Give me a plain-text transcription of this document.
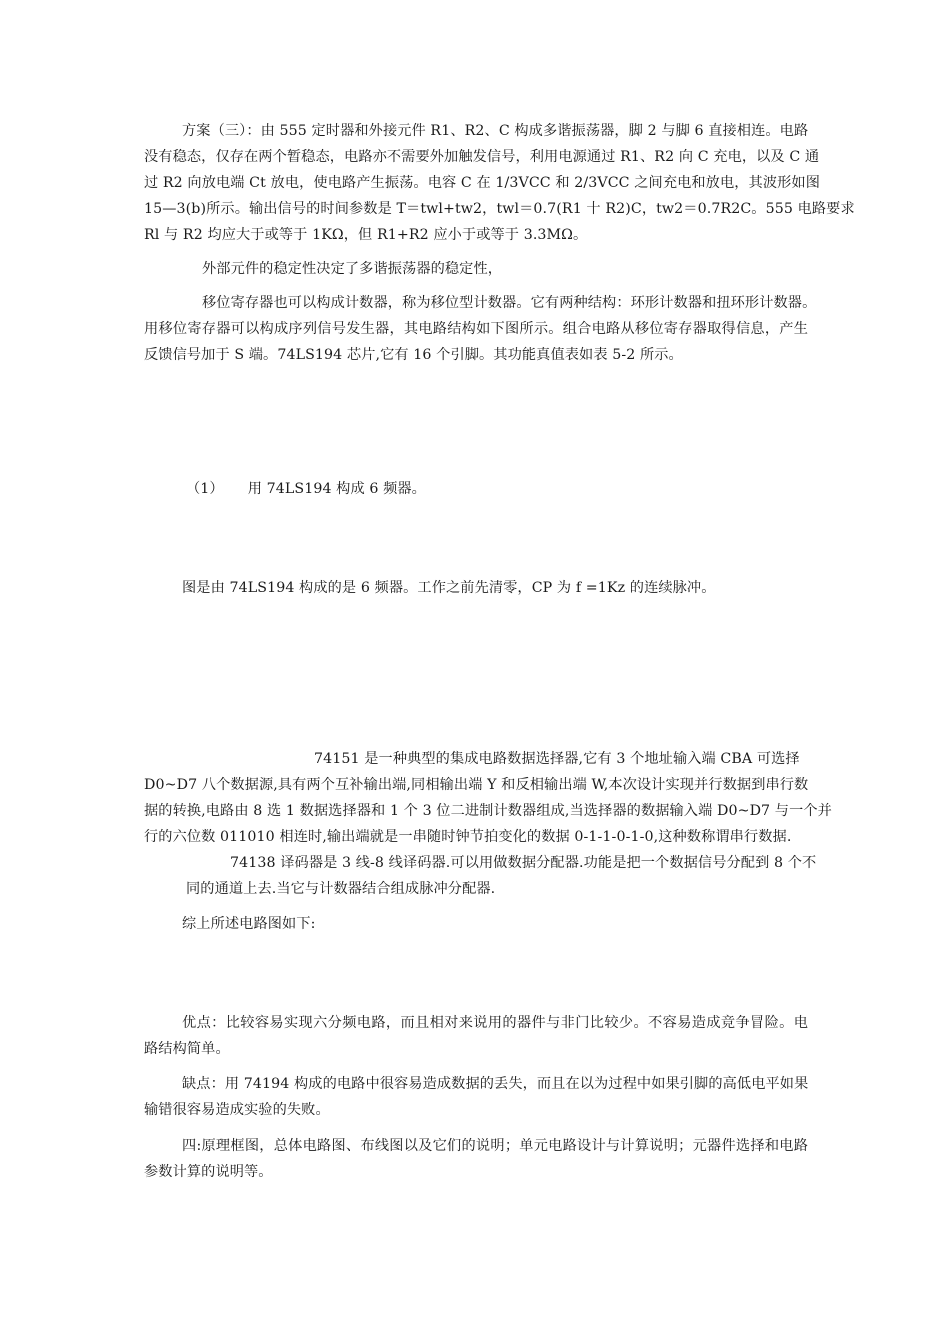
方案（三）：由 555 定时器和外接元件 R1、R2、C 构成多谐振荡器，脚 2 与脚 6 直接相连。电路
没有稳态，仅存在两个暂稳态，电路亦不需要外加触发信号，利用电源通过 R1、R2 向 C 充电，以及 C 通
过 R2 向放电端 Ct 放电，使电路产生振荡。电容 C 在 1/3VCC 和 2/3VCC 之间充电和放电，其波形如图
15—3(b)所示。输出信号的时间参数是 T＝twl+tw2，twl＝0.7(R1 十 R2)C，tw2＝0.7R2C。555 电路要求
Rl 与 R2 均应大于或等于 1KΩ，但 R1+R2 应小于或等于 3.3MΩ。
外部元件的稳定性决定了多谐振荡器的稳定性，
移位寄存器也可以构成计数器，称为移位型计数器。它有两种结构：环形计数器和扭环形计数器。
用移位寄存器可以构成序列信号发生器，其电路结构如下图所示。组合电路从移位寄存器取得信息，产生
反馈信号加于 S 端。74LS194 芯片,它有 16 个引脚。其功能真值表如表 5-2 所示。
（1） 用 74LS194 构成 6 频器。
图是由 74LS194 构成的是 6 频器。工作之前先清零，CP 为 f =1Kz 的连续脉冲。
74151 是一种典型的集成电路数据选择器,它有 3 个地址输入端 CBA 可选择
D0~D7 八个数据源,具有两个互补输出端,同相输出端 Y 和反相输出端 W,本次设计实现并行数据到串行数
据的转换,电路由 8 选 1 数据选择器和 1 个 3 位二进制计数器组成,当选择器的数据输入端 D0~D7 与一个并
行的六位数 011010 相连时,输出端就是一串随时钟节拍变化的数据 0-1-1-0-1-0,这种数称谓串行数据.
74138 译码器是 3 线-8 线译码器.可以用做数据分配器.功能是把一个数据信号分配到 8 个不
同的通道上去.当它与计数器结合组成脉冲分配器.
综上所述电路图如下:
优点：比较容易实现六分频电路，而且相对来说用的器件与非门比较少。不容易造成竞争冒险。电
路结构简单。
缺点：用 74194 构成的电路中很容易造成数据的丢失，而且在以为过程中如果引脚的高低电平如果
输错很容易造成实验的失败。
四:原理框图，总体电路图、布线图以及它们的说明；单元电路设计与计算说明；元器件选择和电路
参数计算的说明等。
